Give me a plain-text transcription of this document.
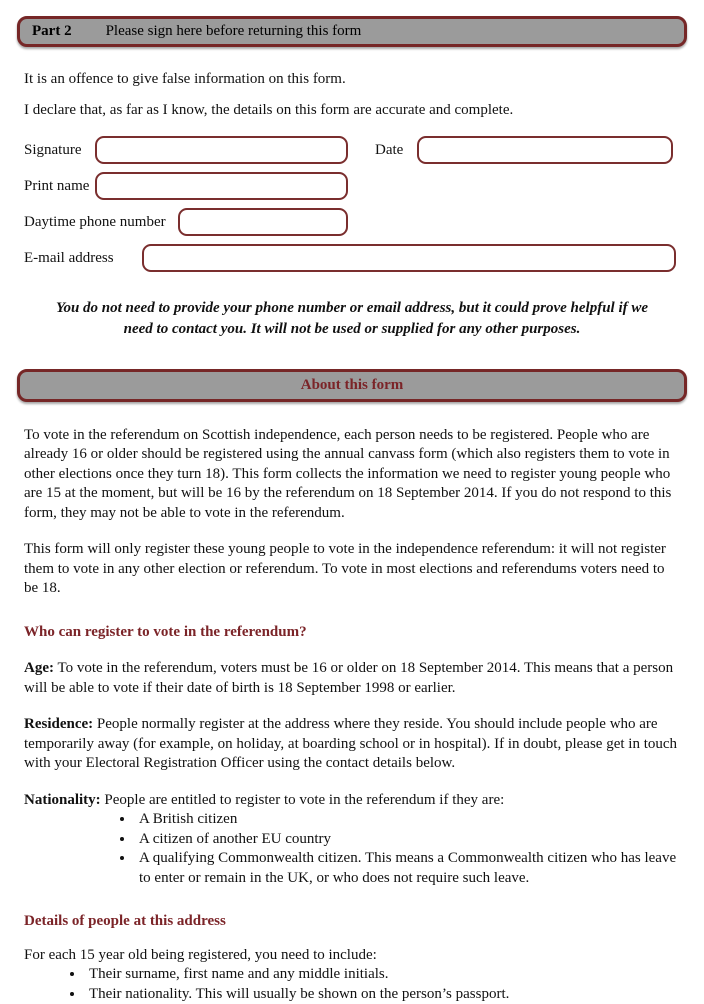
Part 2 Please sign here before returning this form

It is an offence to give false information on this form.

I declare that, as far as I know, the details on this form are accurate and complete.

Signature	Date
Print name
Daytime phone number
E-mail address

You do not need to provide your phone number or email address, but it could prove helpful if we need to contact you. It will not be used or supplied for any other purposes.

About this form

To vote in the referendum on Scottish independence, each person needs to be registered. People who are already 16 or older should be registered using the annual canvass form (which also registers them to vote in other elections once they turn 18). This form collects the information we need to register young people who are 15 at the moment, but will be 16 by the referendum on 18 September 2014. If you do not respond to this form, they may not be able to vote in the referendum.

This form will only register these young people to vote in the independence referendum: it will not register them to vote in any other election or referendum. To vote in most elections and referendums voters need to be 18.

Who can register to vote in the referendum?

Age: To vote in the referendum, voters must be 16 or older on 18 September 2014. This means that a person will be able to vote if their date of birth is 18 September 1998 or earlier.

Residence: People normally register at the address where they reside. You should include people who are temporarily away (for example, on holiday, at boarding school or in hospital). If in doubt, please get in touch with your Electoral Registration Officer using the contact details below.

Nationality: People are entitled to register to vote in the referendum if they are:

• A British citizen
• A citizen of another EU country
• A qualifying Commonwealth citizen. This means a Commonwealth citizen who has leave to enter or remain in the UK, or who does not require such leave.

Details of people at this address

For each 15 year old being registered, you need to include:

• Their surname, first name and any middle initials.
• Their nationality. This will usually be shown on the person’s passport.
